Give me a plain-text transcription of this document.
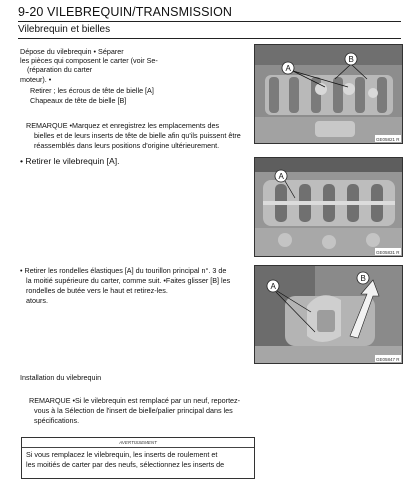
9-20 VILEBREQUIN/TRANSMISSION
Vilebrequin et bielles
Dépose du vilebrequin • Séparer
les pièces qui composent le carter (voir Se-
(réparation du carter
moteur). •
Retirer ; les écrous de tête de bielle [A]
Chapeaux de tête de bielle [B]
REMARQUE •Marquez et enregistrez les emplacements des
bielles et de leurs inserts de tête de bielle afin qu'ils puissent être
réassemblés dans leurs positions d'origine ultérieurement.
• Retirer le vilebrequin [A].
• Retirer les rondelles élastiques [A] du tourillon principal n°. 3 de
la moitié supérieure du carter, comme suit. •Faites glisser [B] les
rondelles de butée vers le haut et retirez-les.
atours.
Installation du vilebrequin
REMARQUE •Si le vilebrequin est remplacé par un neuf, reportez-
vous à la Sélection de l'insert de bielle/palier principal dans les
spécifications.
AVERTISSEMENT
Si vous remplacez le vilebrequin, les inserts de roulement et
les moitiés de carter par des neufs, sélectionnez les inserts de
B
A
GE05821 R
A
GE05831 R
A
B
GE05847 R
